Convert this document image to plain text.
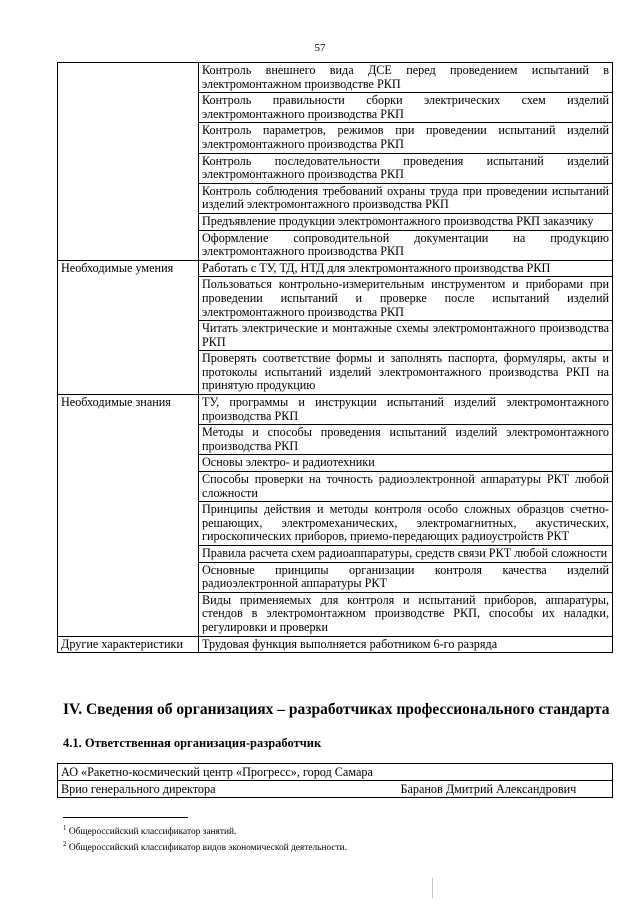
57
	Контроль внешнего вида ДСЕ перед проведением испытаний в электромонтажном производстве РКП
	Контроль правильности сборки электрических схем изделий электромонтажного производства РКП
	Контроль параметров, режимов при проведении испытаний изделий электромонтажного производства РКП
	Контроль последовательности проведения испытаний изделий электромонтажного производства РКП
	Контроль соблюдения требований охраны труда при проведении испытаний изделий электромонтажного производства РКП
	Предъявление продукции электромонтажного производства РКП заказчику
	Оформление сопроводительной документации на продукцию электромонтажного производства РКП
Необходимые умения	Работать с ТУ, ТД, НТД для электромонтажного производства РКП
	Пользоваться контрольно-измерительным инструментом и приборами при проведении испытаний и проверке после испытаний изделий электромонтажного производства РКП
	Читать электрические и монтажные схемы электромонтажного производства РКП
	Проверять соответствие формы и заполнять паспорта, формуляры, акты и протоколы испытаний изделий электромонтажного производства РКП на принятую продукцию
Необходимые знания	ТУ, программы и инструкции испытаний изделий электромонтажного производства РКП
	Методы и способы проведения испытаний изделий электромонтажного производства РКП
	Основы электро- и радиотехники
	Способы проверки на точность радиоэлектронной аппаратуры РКТ любой сложности
	Принципы действия и методы контроля особо сложных образцов счетно-решающих, электромеханических, электромагнитных, акустических, гироскопических приборов, приемо-передающих радиоустройств РКТ
	Правила расчета схем радиоаппаратуры, средств связи РКТ любой сложности
	Основные принципы организации контроля качества изделий радиоэлектронной аппаратуры РКТ
	Виды применяемых для контроля и испытаний приборов, аппаратуры, стендов в электромонтажном производстве РКП, способы их наладки, регулировки и проверки
Другие характеристики	Трудовая функция выполняется работником 6-го разряда
IV. Сведения об организациях – разработчиках профессионального стандарта
4.1. Ответственная организация-разработчик
АО «Ракетно-космический центр «Прогресс», город Самара	
Врио генерального директора	Баранов Дмитрий Александрович
$^1$ Общероссийский классификатор занятий.
$^2$ Общероссийский классификатор видов экономической деятельности.
